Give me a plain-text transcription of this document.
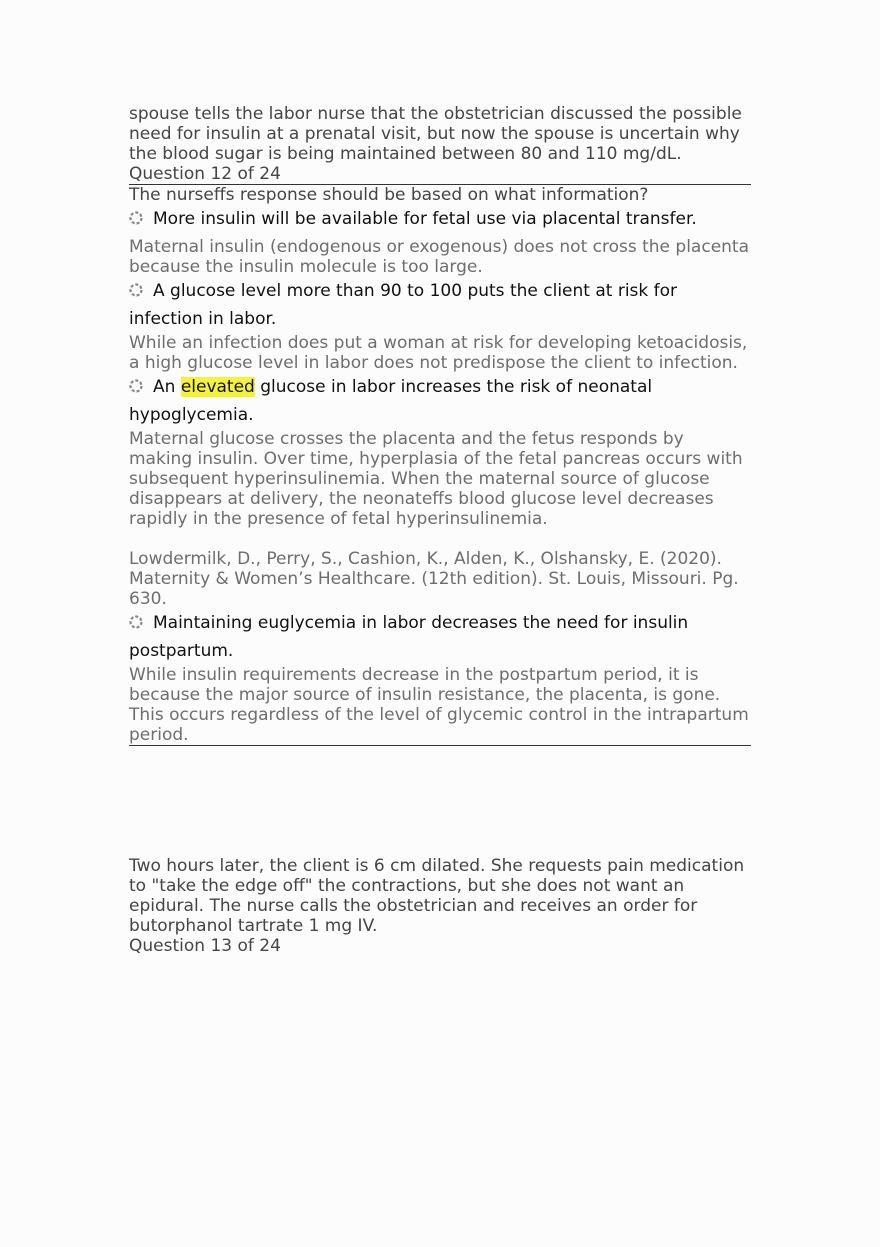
spouse tells the labor nurse that the obstetrician discussed the possible need for insulin at a prenatal visit, but now the spouse is uncertain why the blood sugar is being maintained between 80 and 110 mg/dL.

Question 12 of 24

The nurseffs response should be based on what information?

More insulin will be available for fetal use via placental transfer.

Maternal insulin (endogenous or exogenous) does not cross the placenta because the insulin molecule is too large.

A glucose level more than 90 to 100 puts the client at risk for infection in labor.

While an infection does put a woman at risk for developing ketoacidosis, a high glucose level in labor does not predispose the client to infection.

An elevated glucose in labor increases the risk of neonatal hypoglycemia.

Maternal glucose crosses the placenta and the fetus responds by making insulin. Over time, hyperplasia of the fetal pancreas occurs with subsequent hyperinsulinemia. When the maternal source of glucose disappears at delivery, the neonateffs blood glucose level decreases rapidly in the presence of fetal hyperinsulinemia.

Lowdermilk, D., Perry, S., Cashion, K., Alden, K., Olshansky, E. (2020). Maternity & Women’s Healthcare. (12th edition). St. Louis, Missouri. Pg. 630.

Maintaining euglycemia in labor decreases the need for insulin postpartum.

While insulin requirements decrease in the postpartum period, it is because the major source of insulin resistance, the placenta, is gone. This occurs regardless of the level of glycemic control in the intrapartum period.

Two hours later, the client is 6 cm dilated. She requests pain medication to "take the edge off" the contractions, but she does not want an epidural. The nurse calls the obstetrician and receives an order for butorphanol tartrate 1 mg IV.

Question 13 of 24
